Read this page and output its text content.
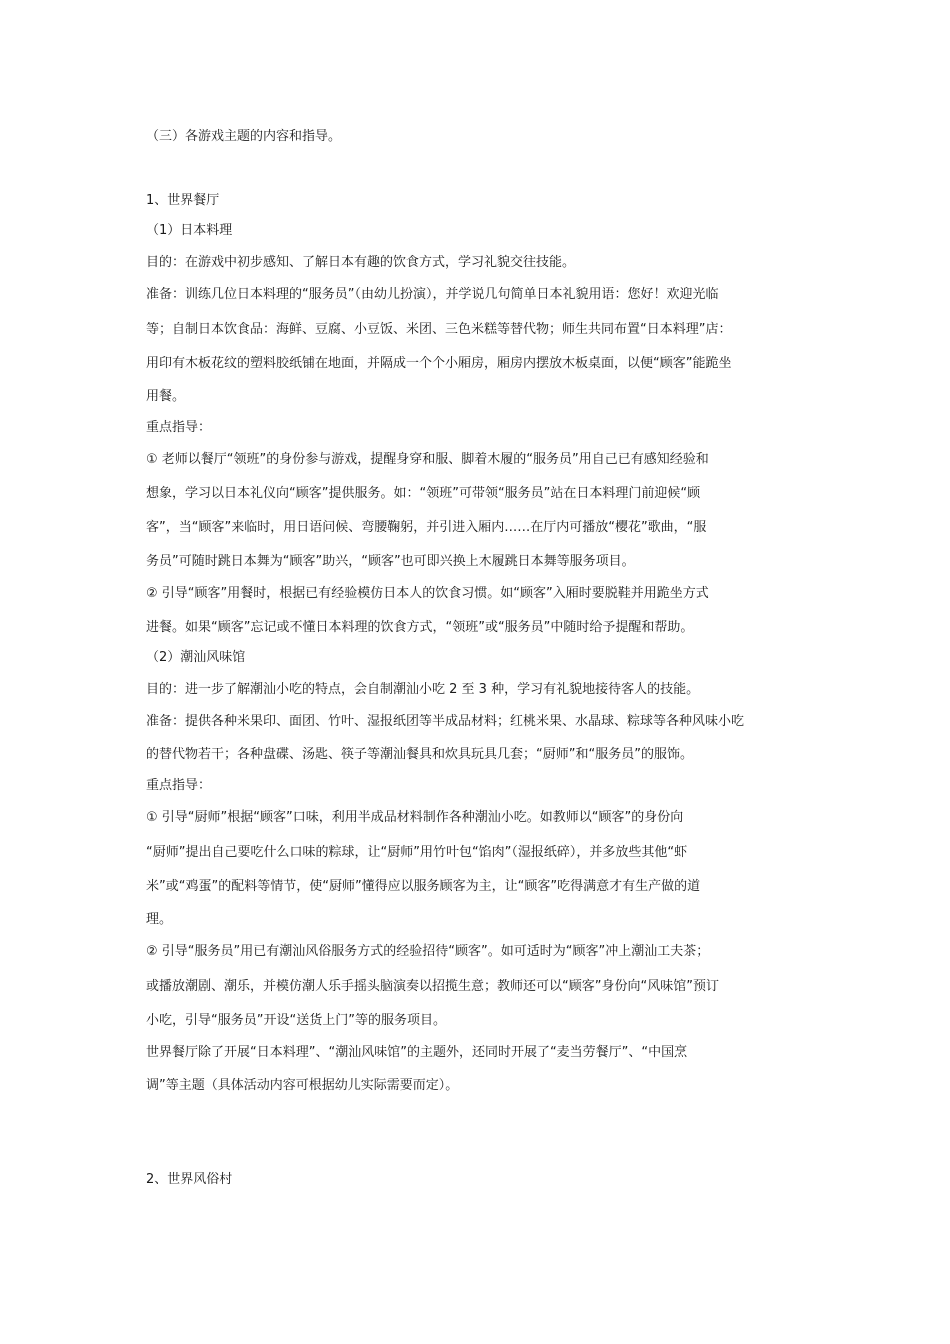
（三）各游戏主题的内容和指导。
1、世界餐厅
（1）日本料理
目的：在游戏中初步感知、了解日本有趣的饮食方式，学习礼貌交往技能。
准备：训练几位日本料理的“服务员”（由幼儿扮演），并学说几句简单日本礼貌用语：您好！欢迎光临
等；自制日本饮食品：海鲜、豆腐、小豆饭、米团、三色米糕等替代物；师生共同布置“日本料理”店：
用印有木板花纹的塑料胶纸铺在地面，并隔成一个个小厢房，厢房内摆放木板桌面，以便“顾客”能跪坐
用餐。
重点指导：
① 老师以餐厅“领班”的身份参与游戏，提醒身穿和服、脚着木履的“服务员”用自己已有感知经验和
想象，学习以日本礼仪向“顾客”提供服务。如：“领班”可带领“服务员”站在日本料理门前迎候“顾
客”，当“顾客”来临时，用日语问候、弯腰鞠躬，并引进入厢内……在厅内可播放“樱花”歌曲，“服
务员”可随时跳日本舞为“顾客”助兴，“顾客”也可即兴换上木履跳日本舞等服务项目。
② 引导“顾客”用餐时，根据已有经验模仿日本人的饮食习惯。如“顾客”入厢时要脱鞋并用跪坐方式
进餐。如果“顾客”忘记或不懂日本料理的饮食方式，“领班”或“服务员”中随时给予提醒和帮助。
（2）潮汕风味馆
目的：进一步了解潮汕小吃的特点，会自制潮汕小吃 2 至 3 种，学习有礼貌地接待客人的技能。
准备：提供各种米果印、面团、竹叶、湿报纸团等半成品材料；红桃米果、水晶球、粽球等各种风味小吃
的替代物若干；各种盘碟、汤匙、筷子等潮汕餐具和炊具玩具几套；“厨师”和“服务员”的服饰。
重点指导：
① 引导“厨师”根据“顾客”口味，利用半成品材料制作各种潮汕小吃。如教师以“顾客”的身份向
“厨师”提出自己要吃什么口味的粽球，让“厨师”用竹叶包“馅肉”（湿报纸碎），并多放些其他“虾
米”或“鸡蛋”的配料等情节，使“厨师”懂得应以服务顾客为主，让“顾客”吃得满意才有生产做的道
理。
② 引导“服务员”用已有潮汕风俗服务方式的经验招待“顾客”。如可适时为“顾客”冲上潮汕工夫茶；
或播放潮剧、潮乐，并模仿潮人乐手摇头脑演奏以招揽生意；教师还可以“顾客”身份向“风味馆”预订
小吃，引导“服务员”开设“送货上门”等的服务项目。
世界餐厅除了开展“日本料理”、“潮汕风味馆”的主题外，还同时开展了“麦当劳餐厅”、“中国烹
调”等主题（具体活动内容可根据幼儿实际需要而定）。
2、世界风俗村
